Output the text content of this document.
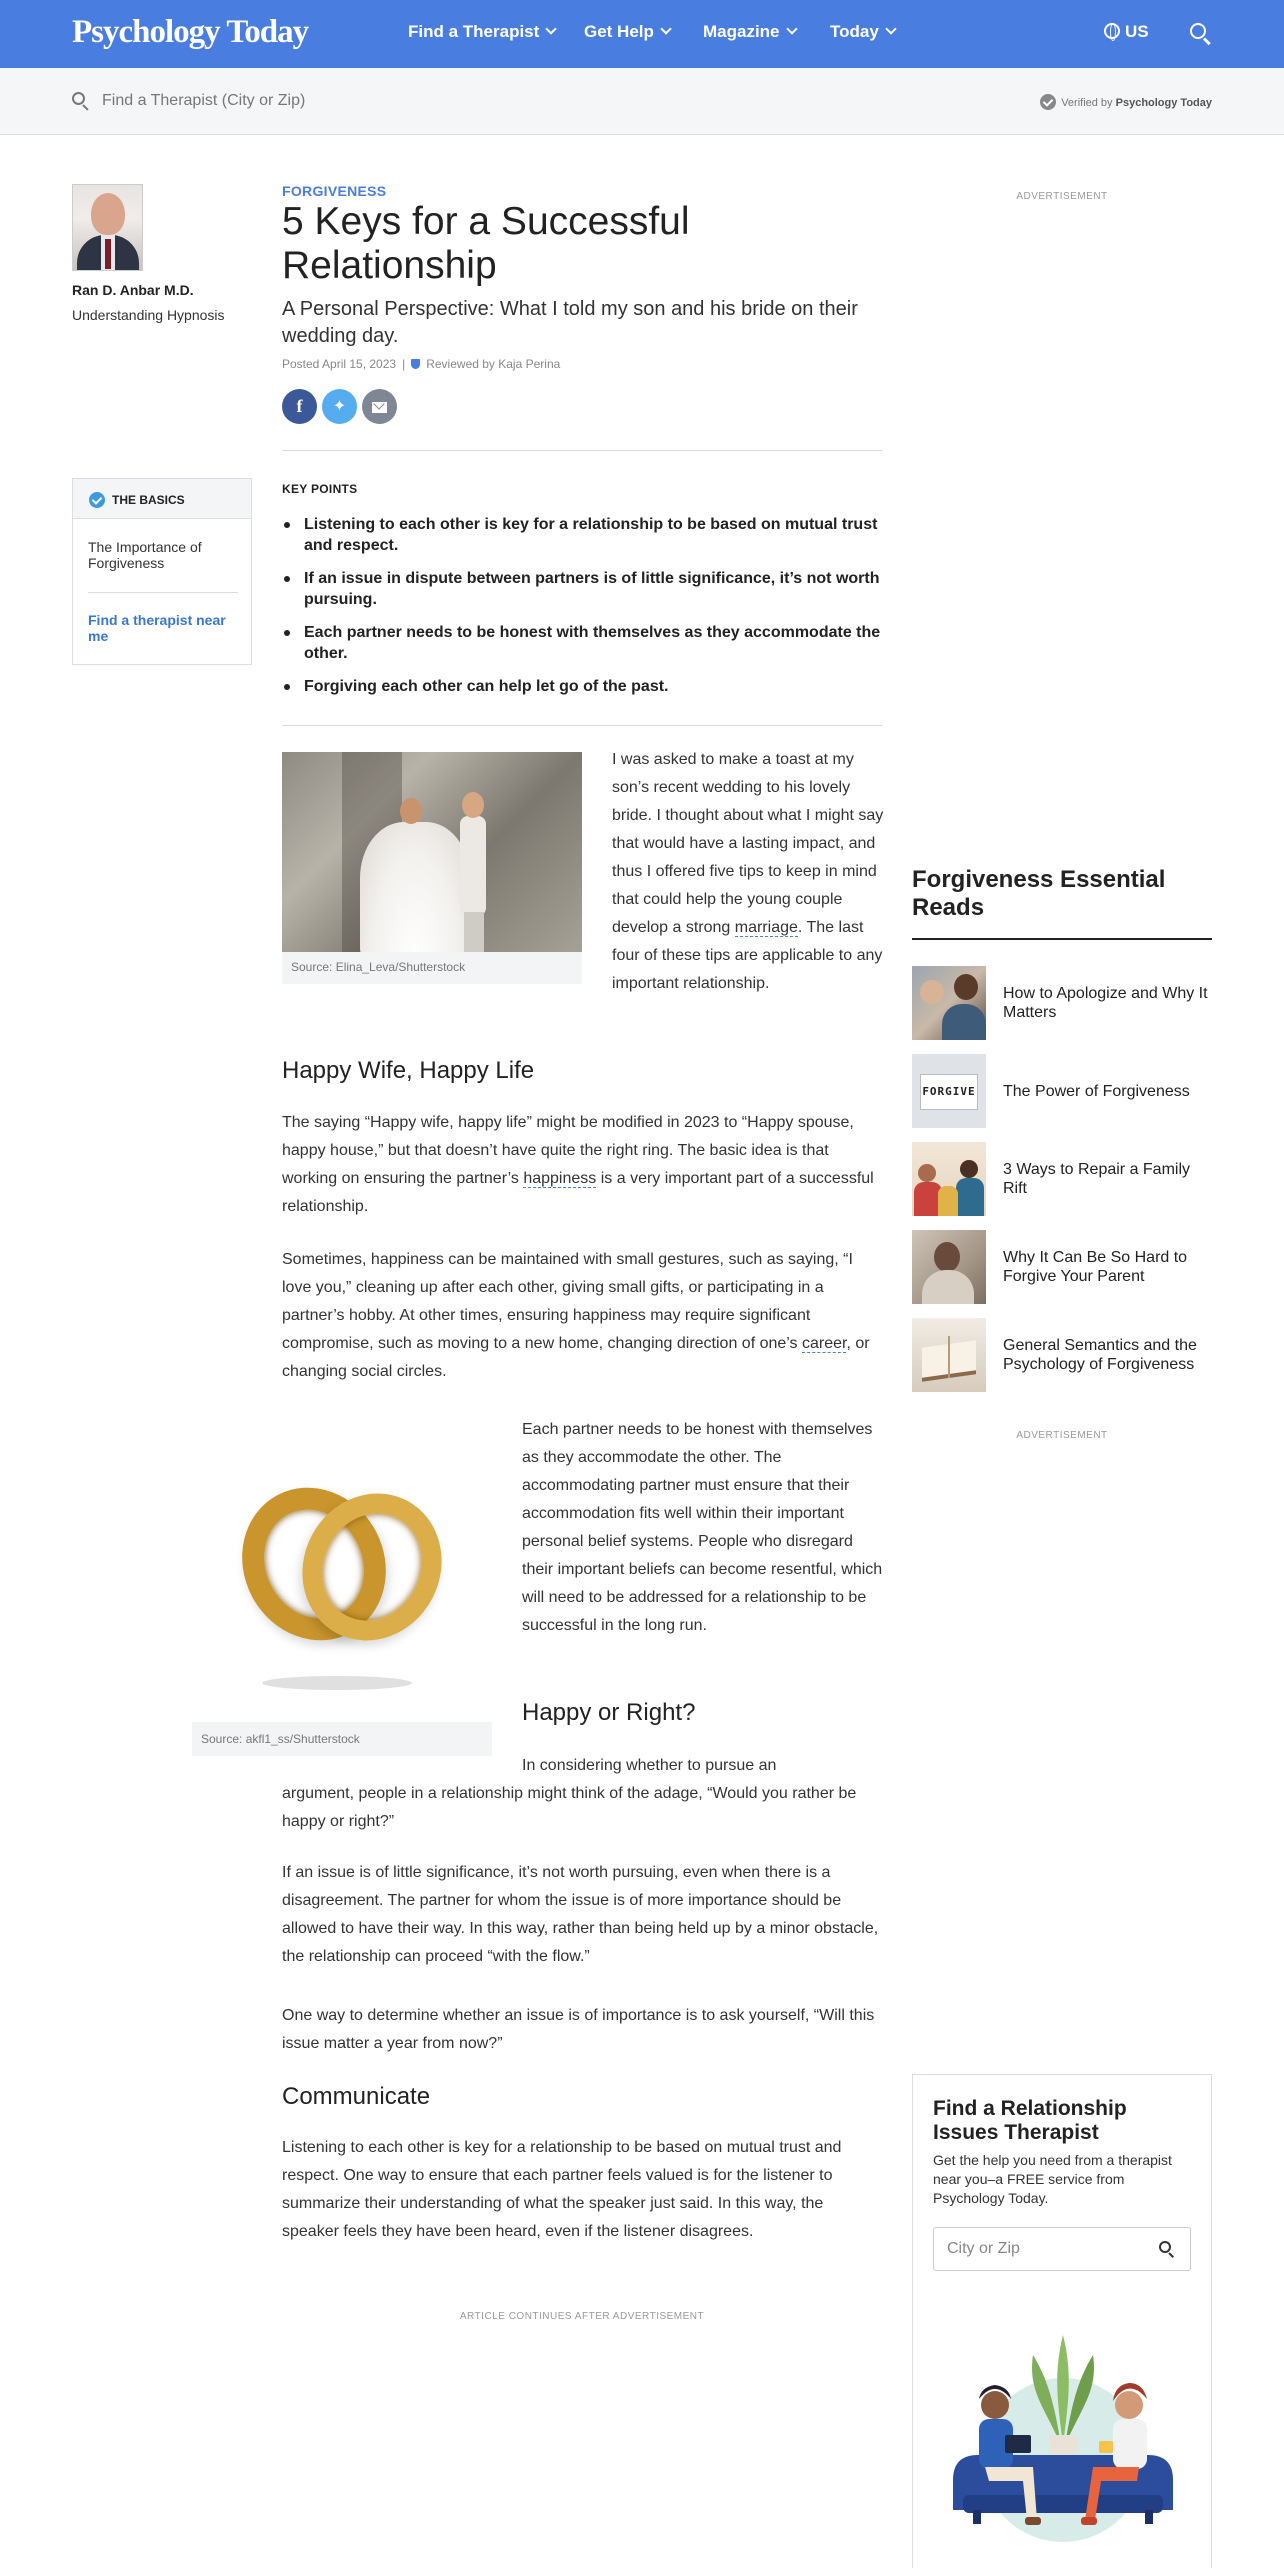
Psychology Today	Find a Therapist	Get Help	Magazine	Today	US
Find a Therapist (City or Zip)
Verified by Psychology Today
Ran D. Anbar M.D.
Understanding Hypnosis
THE BASICS
The Importance of Forgiveness
Find a therapist near me
FORGIVENESS
5 Keys for a Successful Relationship
A Personal Perspective: What I told my son and his bride on their wedding day.
Posted April 15, 2023 | Reviewed by Kaja Perina
f	✦
KEY POINTS
Listening to each other is key for a relationship to be based on mutual trust and respect.
If an issue in dispute between partners is of little significance, it’s not worth pursuing.
Each partner needs to be honest with themselves as they accommodate the other.
Forgiving each other can help let go of the past.
Source: Elina_Leva/Shutterstock
I was asked to make a toast at my son’s recent wedding to his lovely bride. I thought about what I might say that would have a lasting impact, and thus I offered five tips to keep in mind that could help the young couple develop a strong marriage. The last four of these tips are applicable to any important relationship.
Happy Wife, Happy Life
The saying “Happy wife, happy life” might be modified in 2023 to “Happy spouse, happy house,” but that doesn’t have quite the right ring. The basic idea is that working on ensuring the partner’s happiness is a very important part of a successful relationship.
Sometimes, happiness can be maintained with small gestures, such as saying, “I love you,” cleaning up after each other, giving small gifts, or participating in a partner’s hobby. At other times, ensuring happiness may require significant compromise, such as moving to a new home, changing direction of one’s career, or changing social circles.
Source: akfl1_ss/Shutterstock
Each partner needs to be honest with themselves as they accommodate the other. The accommodating partner must ensure that their accommodation fits well within their important personal belief systems. People who disregard their important beliefs can become resentful, which will need to be addressed for a relationship to be successful in the long run.
Happy or Right?
In considering whether to pursue an
argument, people in a relationship might think of the adage, “Would you rather be happy or right?”
If an issue is of little significance, it’s not worth pursuing, even when there is a disagreement. The partner for whom the issue is of more importance should be allowed to have their way. In this way, rather than being held up by a minor obstacle, the relationship can proceed “with the flow.”
One way to determine whether an issue is of importance is to ask yourself, “Will this issue matter a year from now?”
Communicate
Listening to each other is key for a relationship to be based on mutual trust and respect. One way to ensure that each partner feels valued is for the listener to summarize their understanding of what the speaker just said. In this way, the speaker feels they have been heard, even if the listener disagrees.
ARTICLE CONTINUES AFTER ADVERTISEMENT
ADVERTISEMENT
Forgiveness Essential Reads
How to Apologize and Why It Matters
FORGIVE The Power of Forgiveness
3 Ways to Repair a Family Rift
Why It Can Be So Hard to Forgive Your Parent
General Semantics and the Psychology of Forgiveness
ADVERTISEMENT
Find a Relationship Issues Therapist
Get the help you need from a therapist near you–a FREE service from Psychology Today.
City or Zip
